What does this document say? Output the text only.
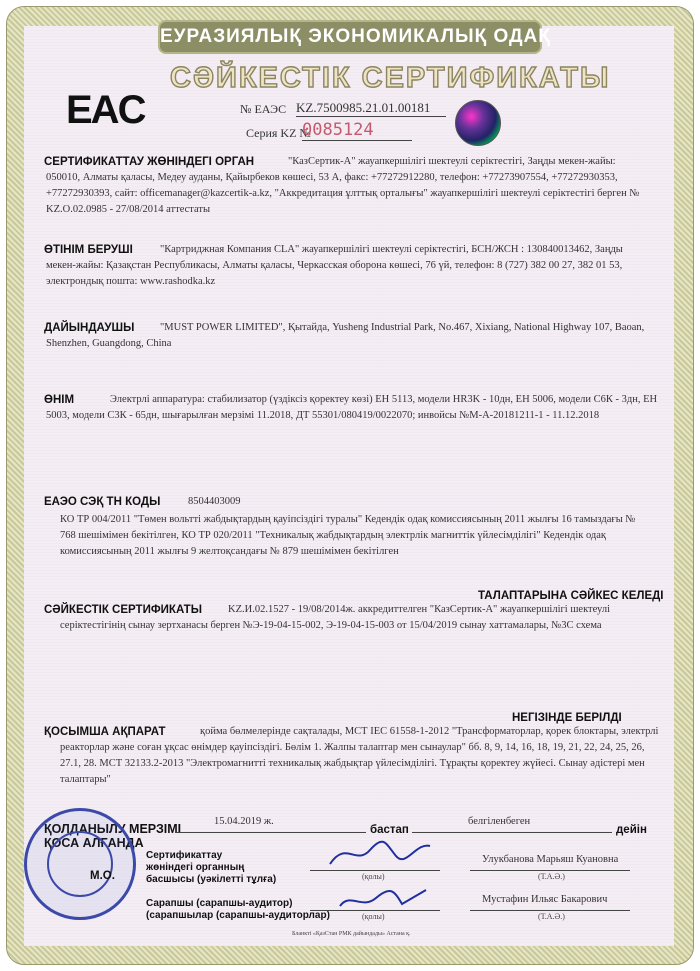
ЕУРАЗИЯЛЫҚ ЭКОНОМИКАЛЫҚ ОДАҚ
СӘЙКЕСТІК СЕРТИФИКАТЫ
EAC	№ ЕАЭС KZ.7500985.21.01.00181
Серия KZ №
0085124
СЕРТИФИКАТТАУ ЖӨНІНДЕГІ ОРГАН	"КазСертик-А" жауапкершілігі шектеулі серіктестігі, Заңды мекен-жайы:
050010, Алматы қаласы, Медеу ауданы, Қайырбеков көшесі, 53 А, факс: +77272912280, телефон: +77273907554, +77272930353,
+77272930393, сайт: officemanager@kazcertik-a.kz, "Аккредитация ұлттық орталығы" жауапкершілігі шектеулі серіктестігі берген №
KZ.O.02.0985 - 27/08/2014 аттестаты
ӨТІНІМ БЕРУШІ	"Картриджная Компания CLA" жауапкершілігі шектеулі серіктестігі, БСН/ЖСН : 130840013462, Заңды
мекен-жайы: Қазақстан Республикасы, Алматы қаласы, Черкасская оборона көшесі, 76 үй, телефон: 8 (727) 382 00 27, 382 01 53,
электрондық пошта: www.rashodka.kz
ДАЙЫНДАУШЫ "MUST POWER LIMITED", Қытайда, Yusheng Industrial Park, No.467, Xixiang, National Highway 107, Baoan,
Shenzhen, Guangdong, China
ӨНІМ	Электрлі аппаратура: стабилизатор (үздіксіз қоректеу көзі) ЕН 5113, модели HR3K - 10дн, ЕН 5006, модели С6К - 3дн, ЕН
5003, модели С3К - 65дн, шығарылған мерзімі 11.2018, ДТ 55301/080419/0022070; инвойсы №М-А-20181211-1 - 11.12.2018
ЕАЭО СЭҚ ТН КОДЫ	8504403009
КО ТР 004/2011 "Төмен вольтті жабдықтардың қауіпсіздігі туралы" Кедендік одақ комиссиясының 2011 жылғы 16 тамыздағы №
768 шешімімен бекітілген, КО ТР 020/2011 "Техникалық жабдықтардың электрлік магниттік үйлесімділігі" Кедендік одақ
комиссиясының 2011 жылғы 9 желтоқсандағы № 879 шешімімен бекітілген
ТАЛАПТАРЫНА СӘЙКЕС КЕЛЕДІ
СӘЙКЕСТІК СЕРТИФИКАТЫ KZ.И.02.1527 - 19/08/2014ж. аккредиттелген "КазСертик-А" жауапкершілігі шектеулі
серіктестігінің сынау зертханасы берген №Э-19-04-15-002, Э-19-04-15-003 от 15/04/2019 сынау хаттамалары, №3С схема
НЕГІЗІНДЕ БЕРІЛДІ
ҚОСЫМША АҚПАРАТ	қойма бөлмелерінде сақталады, МСТ IEC 61558-1-2012 "Трансформаторлар, қорек блоктары, электрлі
реакторлар және соған ұқсас өнімдер қауіпсіздігі. Бөлім 1. Жалпы талаптар мен сынаулар" бб. 8, 9, 14, 16, 18, 19, 21, 22, 24, 25, 26,
27.1, 28. МСТ 32133.2-2013 "Электромагнитті техникалық жабдықтар үйлесімділігі. Тұрақты қоректеу жүйесі. Сынау әдістері мен
талаптары"
ҚОЛДАНЫЛУ МЕРЗІМІ
ҚОСА АЛҒАНДА
15.04.2019 ж.
бастап
белгіленбеген
дейін
М.О.
Сертификаттау
жөніндегі органның
басшысы (уәкілетті тұлға)	(қолы)
Улукбанова Марьяш Куановна
(Т.А.Ә.)
Сарапшы (сарапшы-аудитор)
(сарапшылар (сарапшы-аудиторлар)	(қолы)
Мустафин Ильяс Бакарович
(Т.А.Ә.)
Бланкті «ҚазСтан РМК дайындады» Астана қ.
